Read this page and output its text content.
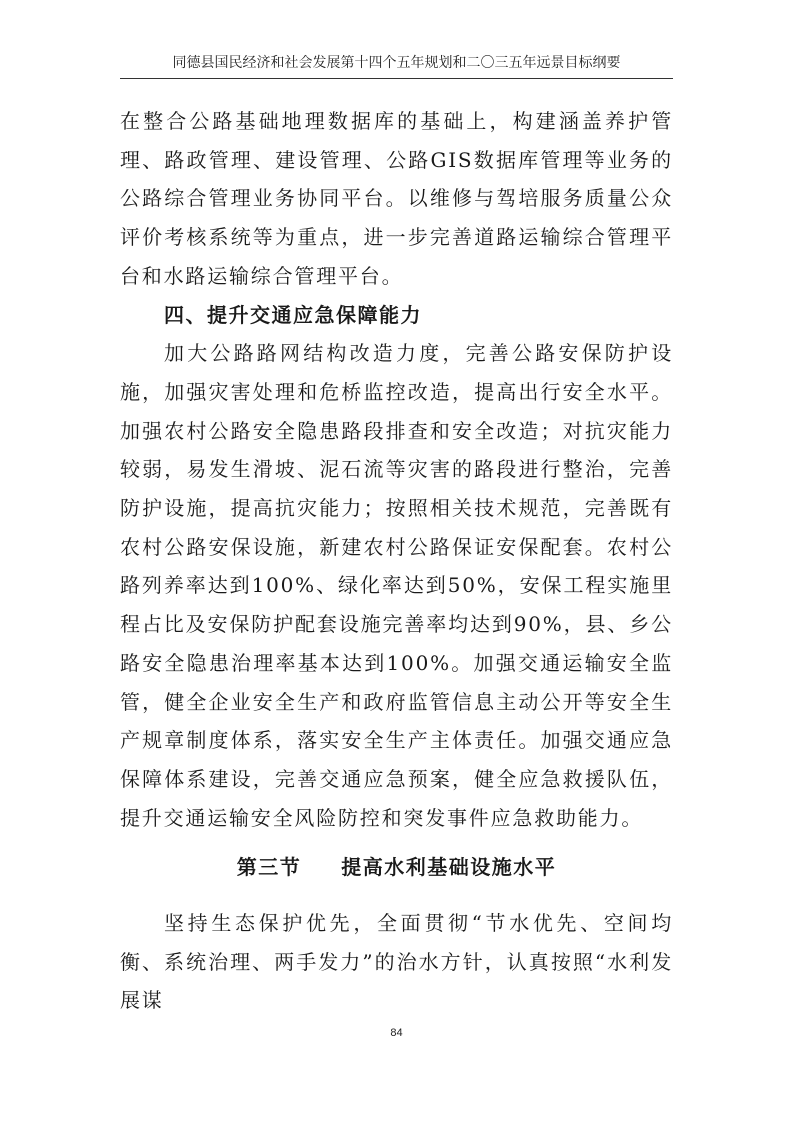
同德县国民经济和社会发展第十四个五年规划和二〇三五年远景目标纲要

在整合公路基础地理数据库的基础上，构建涵盖养护管理、路政管理、建设管理、公路GIS数据库管理等业务的公路综合管理业务协同平台。以维修与驾培服务质量公众评价考核系统等为重点，进一步完善道路运输综合管理平台和水路运输综合管理平台。

四、提升交通应急保障能力

加大公路路网结构改造力度，完善公路安保防护设施，加强灾害处理和危桥监控改造，提高出行安全水平。加强农村公路安全隐患路段排查和安全改造；对抗灾能力较弱，易发生滑坡、泥石流等灾害的路段进行整治，完善防护设施，提高抗灾能力；按照相关技术规范，完善既有农村公路安保设施，新建农村公路保证安保配套。农村公路列养率达到100%、绿化率达到50%，安保工程实施里程占比及安保防护配套设施完善率均达到90%，县、乡公路安全隐患治理率基本达到100%。加强交通运输安全监管，健全企业安全生产和政府监管信息主动公开等安全生产规章制度体系，落实安全生产主体责任。加强交通应急保障体系建设，完善交通应急预案，健全应急救援队伍，提升交通运输安全风险防控和突发事件应急救助能力。

第三节 提高水利基础设施水平

坚持生态保护优先，全面贯彻“节水优先、空间均衡、系统治理、两手发力”的治水方针，认真按照“水利发展谋

84
